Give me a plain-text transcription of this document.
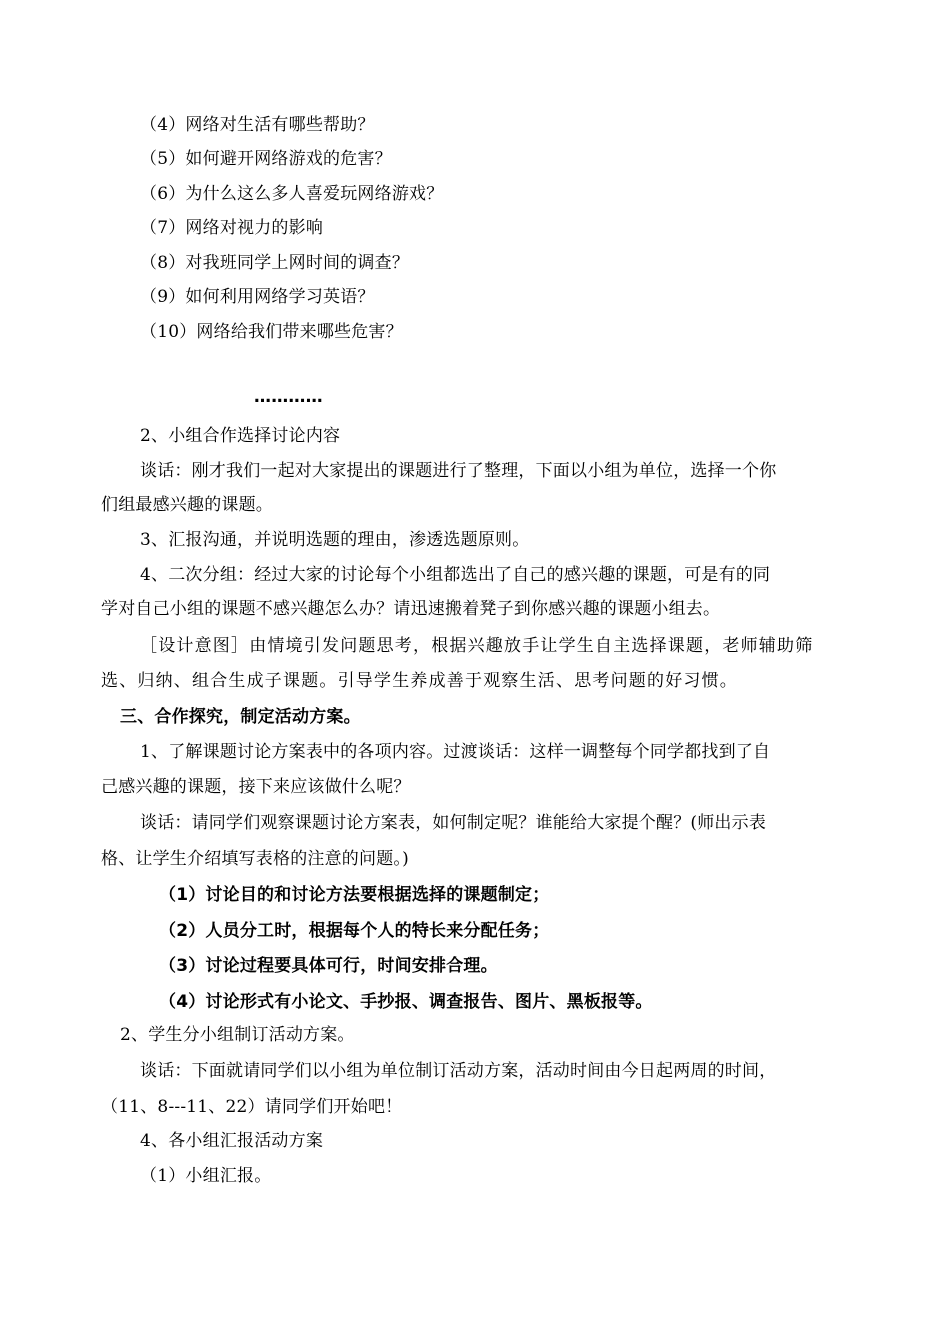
（4）网络对生活有哪些帮助？
（5）如何避开网络游戏的危害？
（6）为什么这么多人喜爱玩网络游戏？
（7）网络对视力的影响
（8）对我班同学上网时间的调查？
（9）如何利用网络学习英语？
（10）网络给我们带来哪些危害？
…………
2、小组合作选择讨论内容
谈话：刚才我们一起对大家提出的课题进行了整理，下面以小组为单位，选择一个你
们组最感兴趣的课题。
3、汇报沟通，并说明选题的理由，渗透选题原则。
4、二次分组：经过大家的讨论每个小组都选出了自己的感兴趣的课题，可是有的同
学对自己小组的课题不感兴趣怎么办？请迅速搬着凳子到你感兴趣的课题小组去。
［设计意图］由情境引发问题思考，根据兴趣放手让学生自主选择课题，老师辅助筛
选、归纳、组合生成子课题。引导学生养成善于观察生活、思考问题的好习惯。
三、合作探究，制定活动方案。
1、了解课题讨论方案表中的各项内容。过渡谈话：这样一调整每个同学都找到了自
己感兴趣的课题，接下来应该做什么呢？
谈话：请同学们观察课题讨论方案表，如何制定呢？谁能给大家提个醒？(师出示表
格、让学生介绍填写表格的注意的问题。)
（1）讨论目的和讨论方法要根据选择的课题制定；
（2）人员分工时，根据每个人的特长来分配任务；
（3）讨论过程要具体可行，时间安排合理。
（4）讨论形式有小论文、手抄报、调查报告、图片、黑板报等。
2、学生分小组制订活动方案。
谈话：下面就请同学们以小组为单位制订活动方案，活动时间由今日起两周的时间，
（11、8---11、22）请同学们开始吧！
4、各小组汇报活动方案
（1）小组汇报。
